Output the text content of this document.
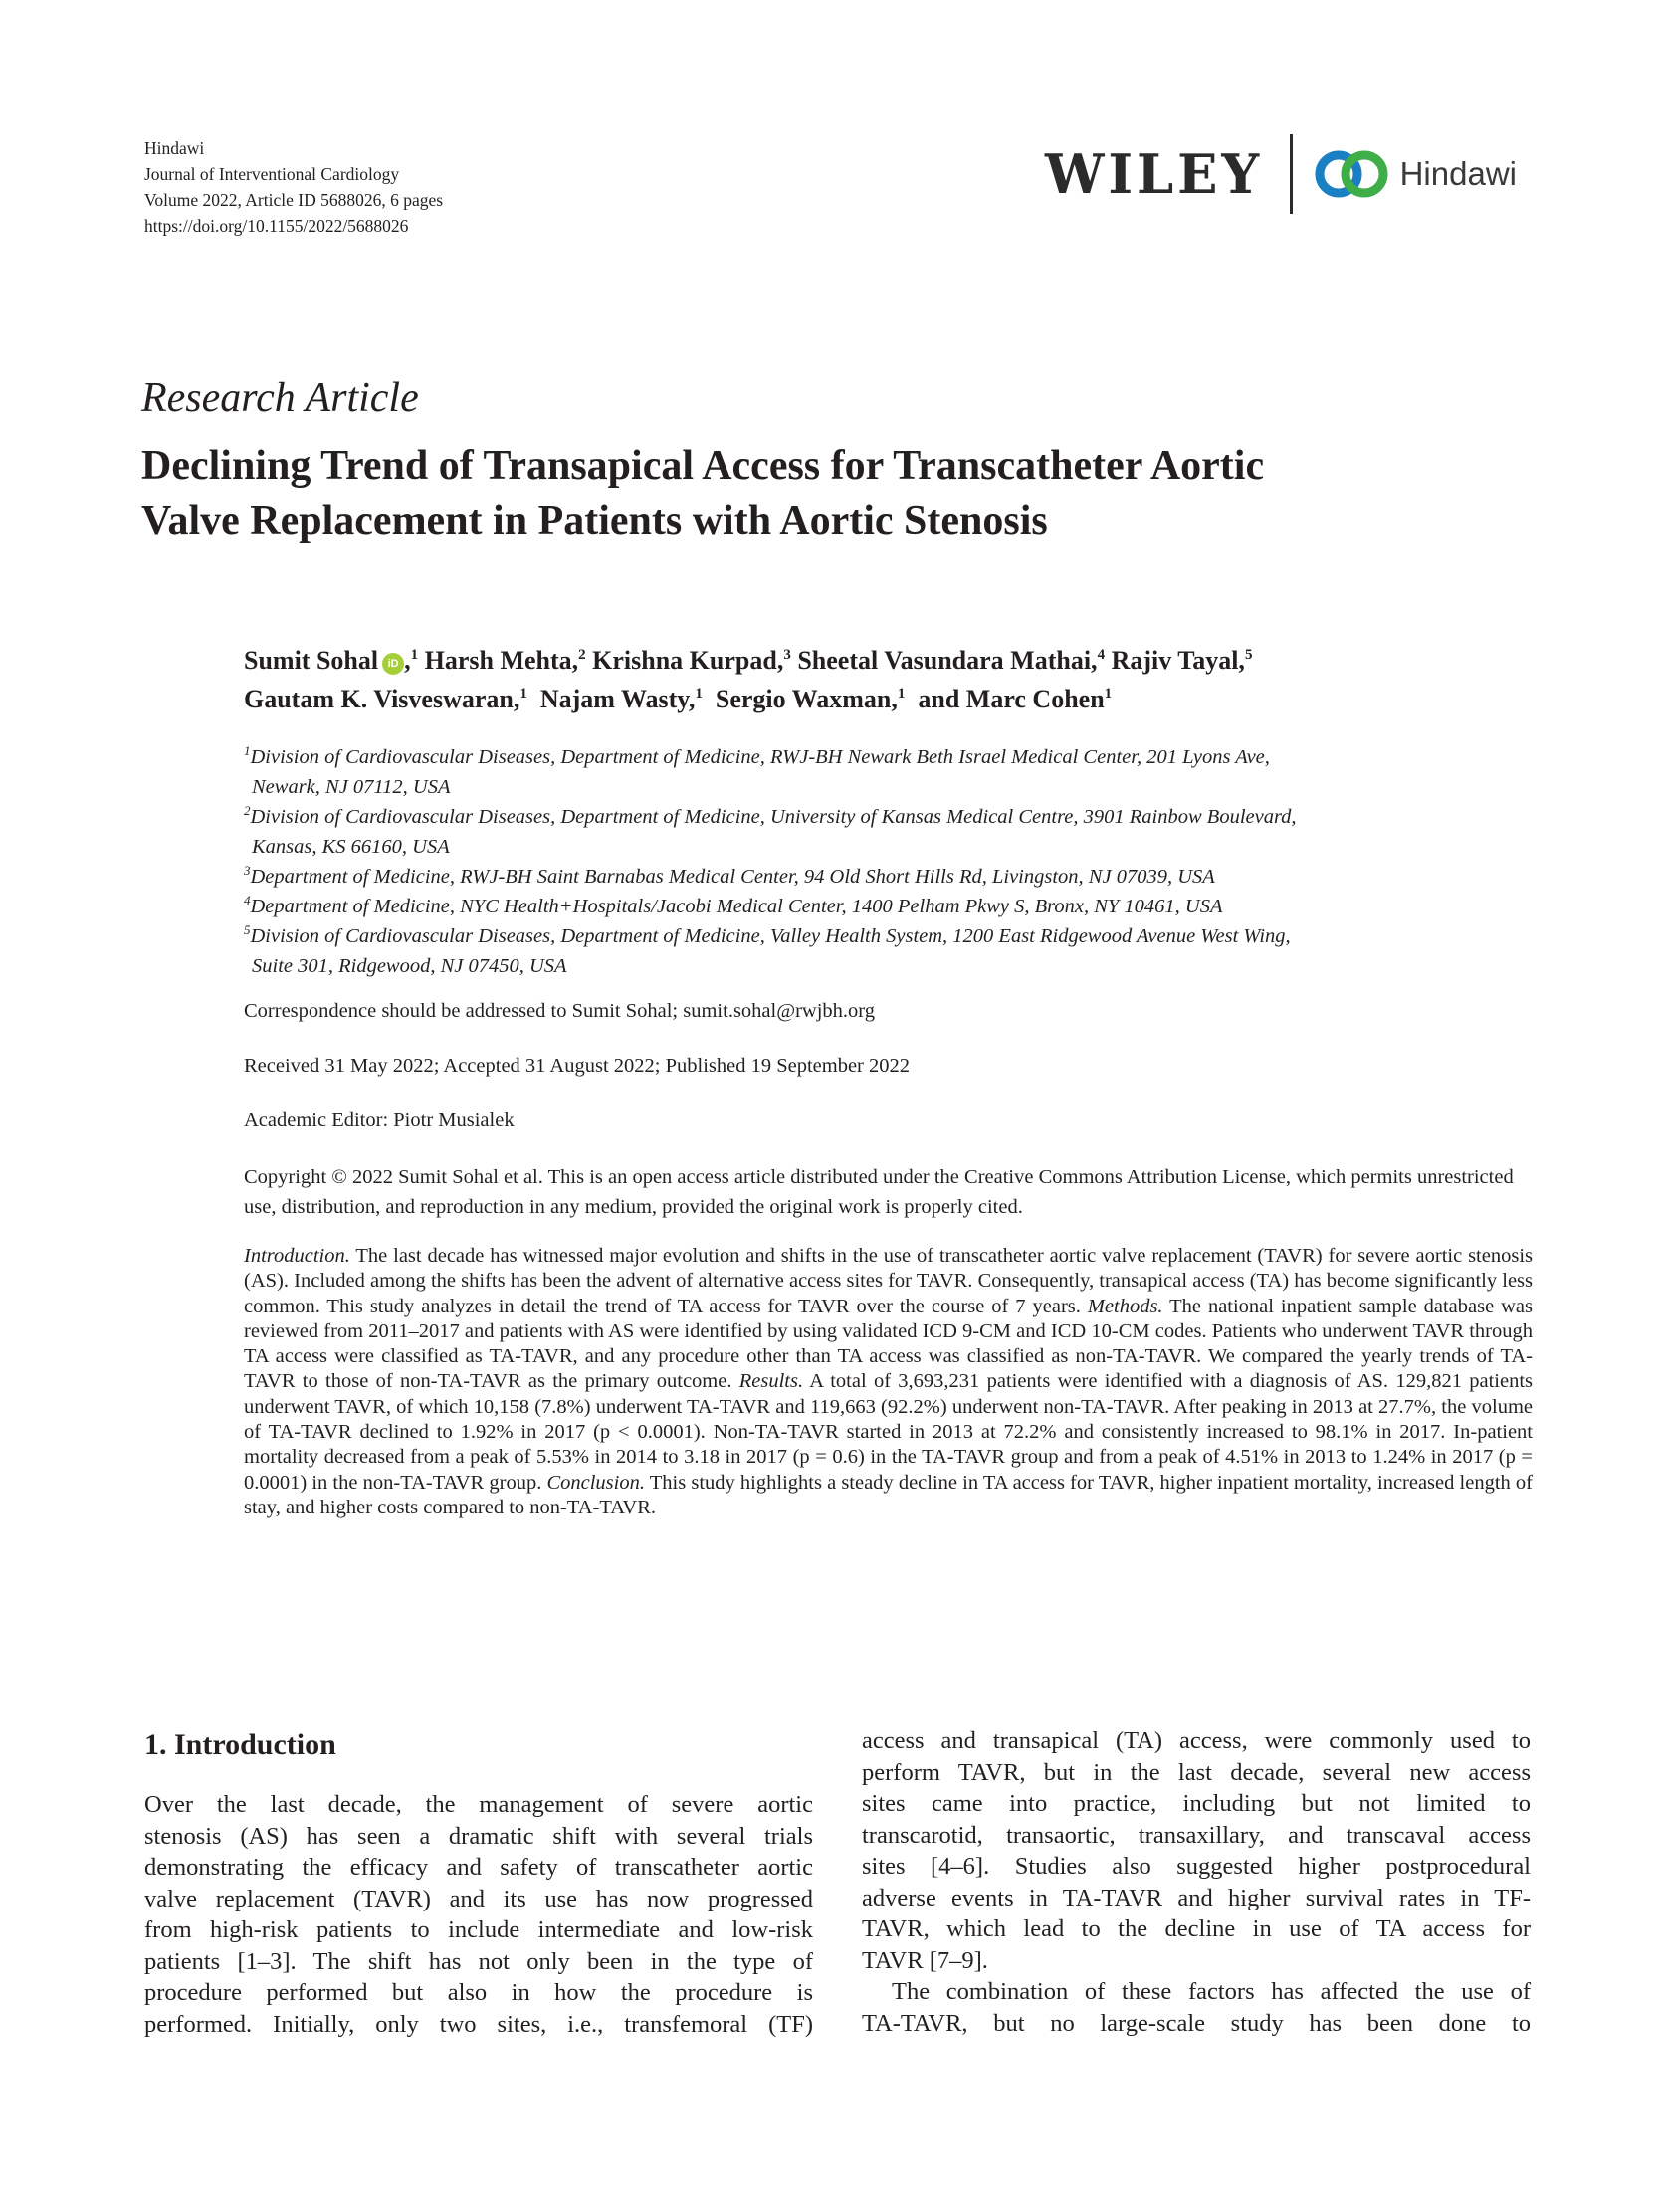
Hindawi
Journal of Interventional Cardiology
Volume 2022, Article ID 5688026, 6 pages
https://doi.org/10.1155/2022/5688026
WILEY	Hindawi
Research Article
Declining Trend of Transapical Access for Transcatheter Aortic
Valve Replacement in Patients with Aortic Stenosis
Sumit Sohal iD ,$^1$ Harsh Mehta,$^2$ Krishna Kurpad,$^3$ Sheetal Vasundara Mathai,$^4$ Rajiv Tayal,$^5$
Gautam K. Visveswaran,$^1$ Najam Wasty,$^1$ Sergio Waxman,$^1$ and Marc Cohen$^1$
$^1$Division of Cardiovascular Diseases, Department of Medicine, RWJ-BH Newark Beth Israel Medical Center, 201 Lyons Ave,
Newark, NJ 07112, USA
$^2$Division of Cardiovascular Diseases, Department of Medicine, University of Kansas Medical Centre, 3901 Rainbow Boulevard,
Kansas, KS 66160, USA
$^3$Department of Medicine, RWJ-BH Saint Barnabas Medical Center, 94 Old Short Hills Rd, Livingston, NJ 07039, USA
$^4$Department of Medicine, NYC Health+Hospitals/Jacobi Medical Center, 1400 Pelham Pkwy S, Bronx, NY 10461, USA
$^5$Division of Cardiovascular Diseases, Department of Medicine, Valley Health System, 1200 East Ridgewood Avenue West Wing,
Suite 301, Ridgewood, NJ 07450, USA
Correspondence should be addressed to Sumit Sohal; sumit.sohal@rwjbh.org
Received 31 May 2022; Accepted 31 August 2022; Published 19 September 2022
Academic Editor: Piotr Musialek
Copyright © 2022 Sumit Sohal et al. This is an open access article distributed under the Creative Commons Attribution License, which permits unrestricted use, distribution, and reproduction in any medium, provided the original work is properly cited.
Introduction. The last decade has witnessed major evolution and shifts in the use of transcatheter aortic valve replacement (TAVR) for severe aortic stenosis (AS). Included among the shifts has been the advent of alternative access sites for TAVR. Consequently, transapical access (TA) has become significantly less common. This study analyzes in detail the trend of TA access for TAVR over the course of 7 years. Methods. The national inpatient sample database was reviewed from 2011–2017 and patients with AS were identified by using validated ICD 9-CM and ICD 10-CM codes. Patients who underwent TAVR through TA access were classified as TA-TAVR, and any procedure other than TA access was classified as non-TA-TAVR. We compared the yearly trends of TA-TAVR to those of non-TA-TAVR as the primary outcome. Results. A total of 3,693,231 patients were identified with a diagnosis of AS. 129,821 patients underwent TAVR, of which 10,158 (7.8%) underwent TA-TAVR and 119,663 (92.2%) underwent non-TA-TAVR. After peaking in 2013 at 27.7%, the volume of TA-TAVR declined to 1.92% in 2017 (p < 0.0001). Non-TA-TAVR started in 2013 at 72.2% and consistently increased to 98.1% in 2017. In-patient mortality decreased from a peak of 5.53% in 2014 to 3.18 in 2017 (p = 0.6) in the TA-TAVR group and from a peak of 4.51% in 2013 to 1.24% in 2017 (p = 0.0001) in the non-TA-TAVR group. Conclusion. This study highlights a steady decline in TA access for TAVR, higher inpatient mortality, increased length of stay, and higher costs compared to non-TA-TAVR.
1. Introduction
Over the last decade, the management of severe aortic
stenosis (AS) has seen a dramatic shift with several trials
demonstrating the efficacy and safety of transcatheter aortic
valve replacement (TAVR) and its use has now progressed
from high-risk patients to include intermediate and low-risk
patients [1–3]. The shift has not only been in the type of
procedure performed but also in how the procedure is
performed. Initially, only two sites, i.e., transfemoral (TF)
access and transapical (TA) access, were commonly used to
perform TAVR, but in the last decade, several new access
sites came into practice, including but not limited to
transcarotid, transaortic, transaxillary, and transcaval access
sites [4–6]. Studies also suggested higher postprocedural
adverse events in TA-TAVR and higher survival rates in TF-
TAVR, which lead to the decline in use of TA access for
TAVR [7–9].
The combination of these factors has affected the use of
TA-TAVR, but no large-scale study has been done to
